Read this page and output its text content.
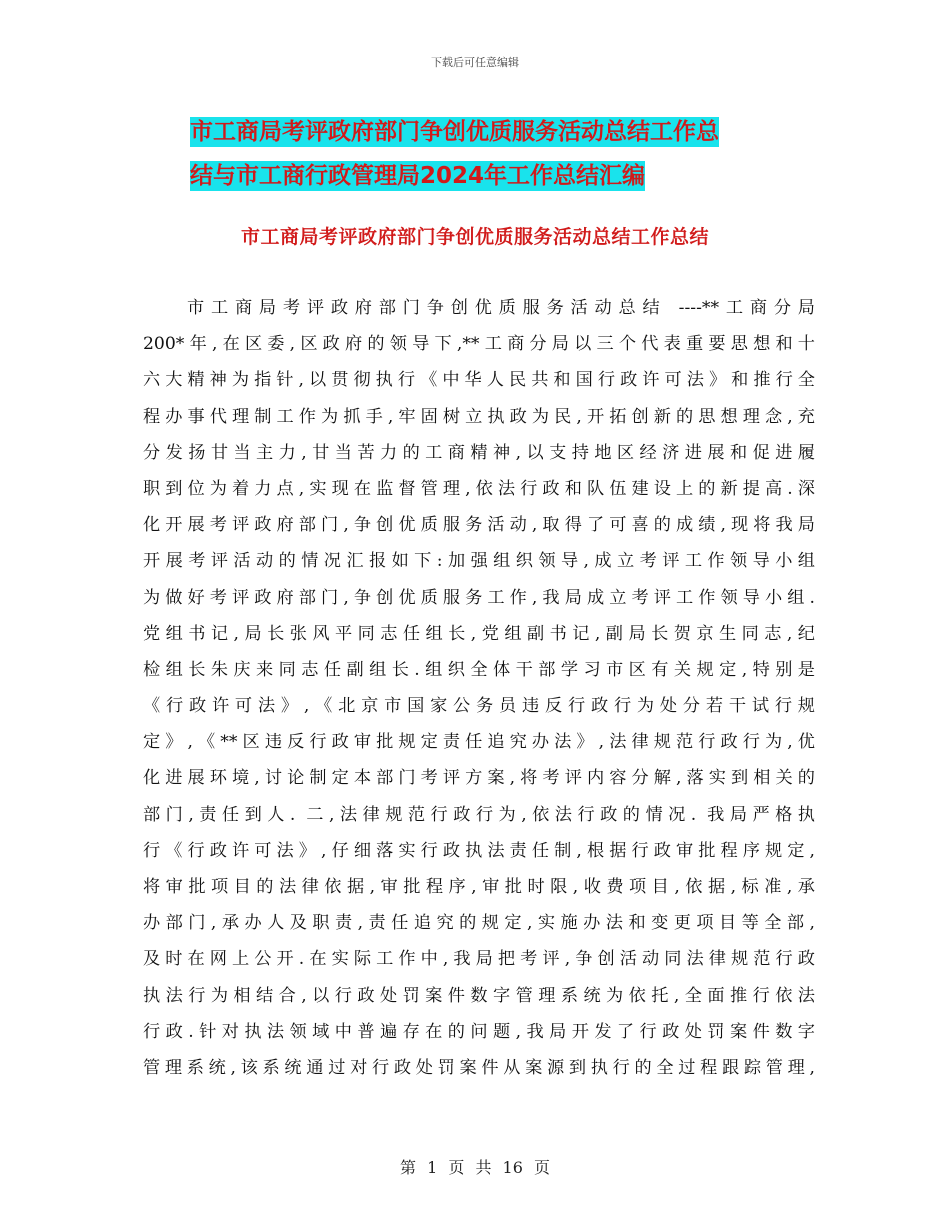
下载后可任意编辑
市工商局考评政府部门争创优质服务活动总结工作总
结与市工商行政管理局2024年工作总结汇编
市工商局考评政府部门争创优质服务活动总结工作总结
市工商局考评政府部门争创优质服务活动总结 ----**工商分局
200*年,在区委,区政府的领导下,**工商分局以三个代表重要思想和十
六大精神为指针,以贯彻执行《中华人民共和国行政许可法》和推行全
程办事代理制工作为抓手,牢固树立执政为民,开拓创新的思想理念,充
分发扬甘当主力,甘当苦力的工商精神,以支持地区经济进展和促进履
职到位为着力点,实现在监督管理,依法行政和队伍建设上的新提高.深
化开展考评政府部门,争创优质服务活动,取得了可喜的成绩,现将我局
开展考评活动的情况汇报如下:加强组织领导,成立考评工作领导小组
为做好考评政府部门,争创优质服务工作,我局成立考评工作领导小组.
党组书记,局长张风平同志任组长,党组副书记,副局长贺京生同志,纪
检组长朱庆来同志任副组长.组织全体干部学习市区有关规定,特别是
《行政许可法》,《北京市国家公务员违反行政行为处分若干试行规
定》,《**区违反行政审批规定责任追究办法》,法律规范行政行为,优
化进展环境,讨论制定本部门考评方案,将考评内容分解,落实到相关的
部门,责任到人. 二,法律规范行政行为,依法行政的情况. 我局严格执
行《行政许可法》,仔细落实行政执法责任制,根据行政审批程序规定,
将审批项目的法律依据,审批程序,审批时限,收费项目,依据,标准,承
办部门,承办人及职责,责任追究的规定,实施办法和变更项目等全部,
及时在网上公开.在实际工作中,我局把考评,争创活动同法律规范行政
执法行为相结合,以行政处罚案件数字管理系统为依托,全面推行依法
行政.针对执法领域中普遍存在的问题,我局开发了行政处罚案件数字
管理系统,该系统通过对行政处罚案件从案源到执行的全过程跟踪管理,
第 1 页 共 16 页
